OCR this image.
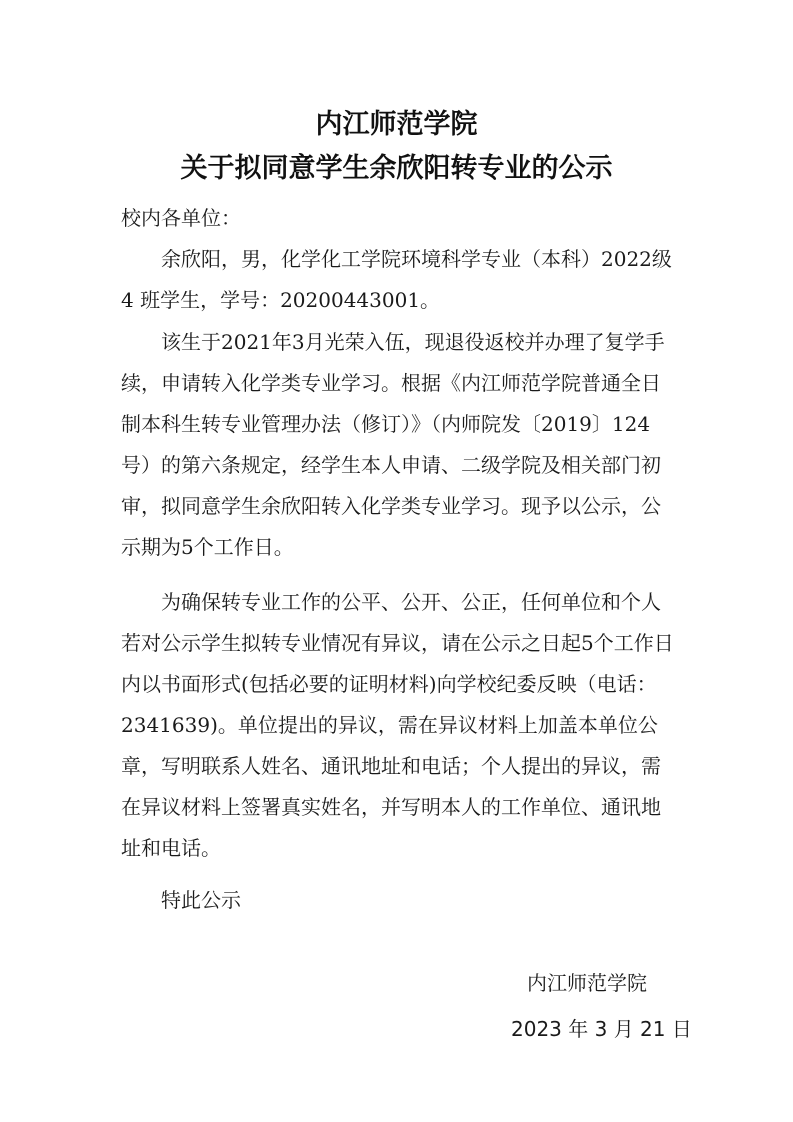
内江师范学院
关于拟同意学生余欣阳转专业的公示
校内各单位：
余欣阳，男，化学化工学院环境科学专业（本科）2022级 4 班学生，学号：20200443001。
该生于2021年3月光荣入伍，现退役返校并办理了复学手续，申请转入化学类专业学习。根据《内江师范学院普通全日制本科生转专业管理办法（修订）》（内师院发〔2019〕124号）的第六条规定，经学生本人申请、二级学院及相关部门初审，拟同意学生余欣阳转入化学类专业学习。现予以公示，公示期为5个工作日。
为确保转专业工作的公平、公开、公正，任何单位和个人若对公示学生拟转专业情况有异议，请在公示之日起5个工作日内以书面形式(包括必要的证明材料)向学校纪委反映（电话：2341639)。单位提出的异议，需在异议材料上加盖本单位公章，写明联系人姓名、通讯地址和电话；个人提出的异议，需在异议材料上签署真实姓名，并写明本人的工作单位、通讯地址和电话。
特此公示
内江师范学院
2023 年 3 月 21 日
